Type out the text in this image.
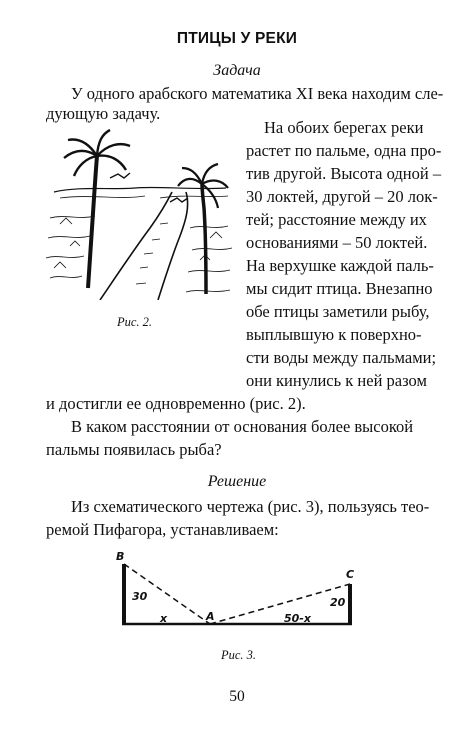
ПТИЦЫ У РЕКИ
Задача
У одного арабского математика XI века находим сле-
дующую задачу.
Рис. 2.
На обоих берегах реки
растет по пальме, одна про-
тив другой. Высота одной –
30 локтей, другой – 20 лок-
тей; расстояние между их
основаниями – 50 локтей.
На верхушке каждой паль-
мы сидит птица. Внезапно
обе птицы заметили рыбу,
выплывшую к поверхно-
сти воды между пальмами;
они кинулись к ней разом
и достигли ее одновременно (рис. 2).
В каком расстоянии от основания более высокой
пальмы появилась рыба?
Решение
Из схематического чертежа (рис. 3), пользуясь тео-
ремой Пифагора, устанавливаем:
B
C
A
30	20
x	50-x
Рис. 3.
50
